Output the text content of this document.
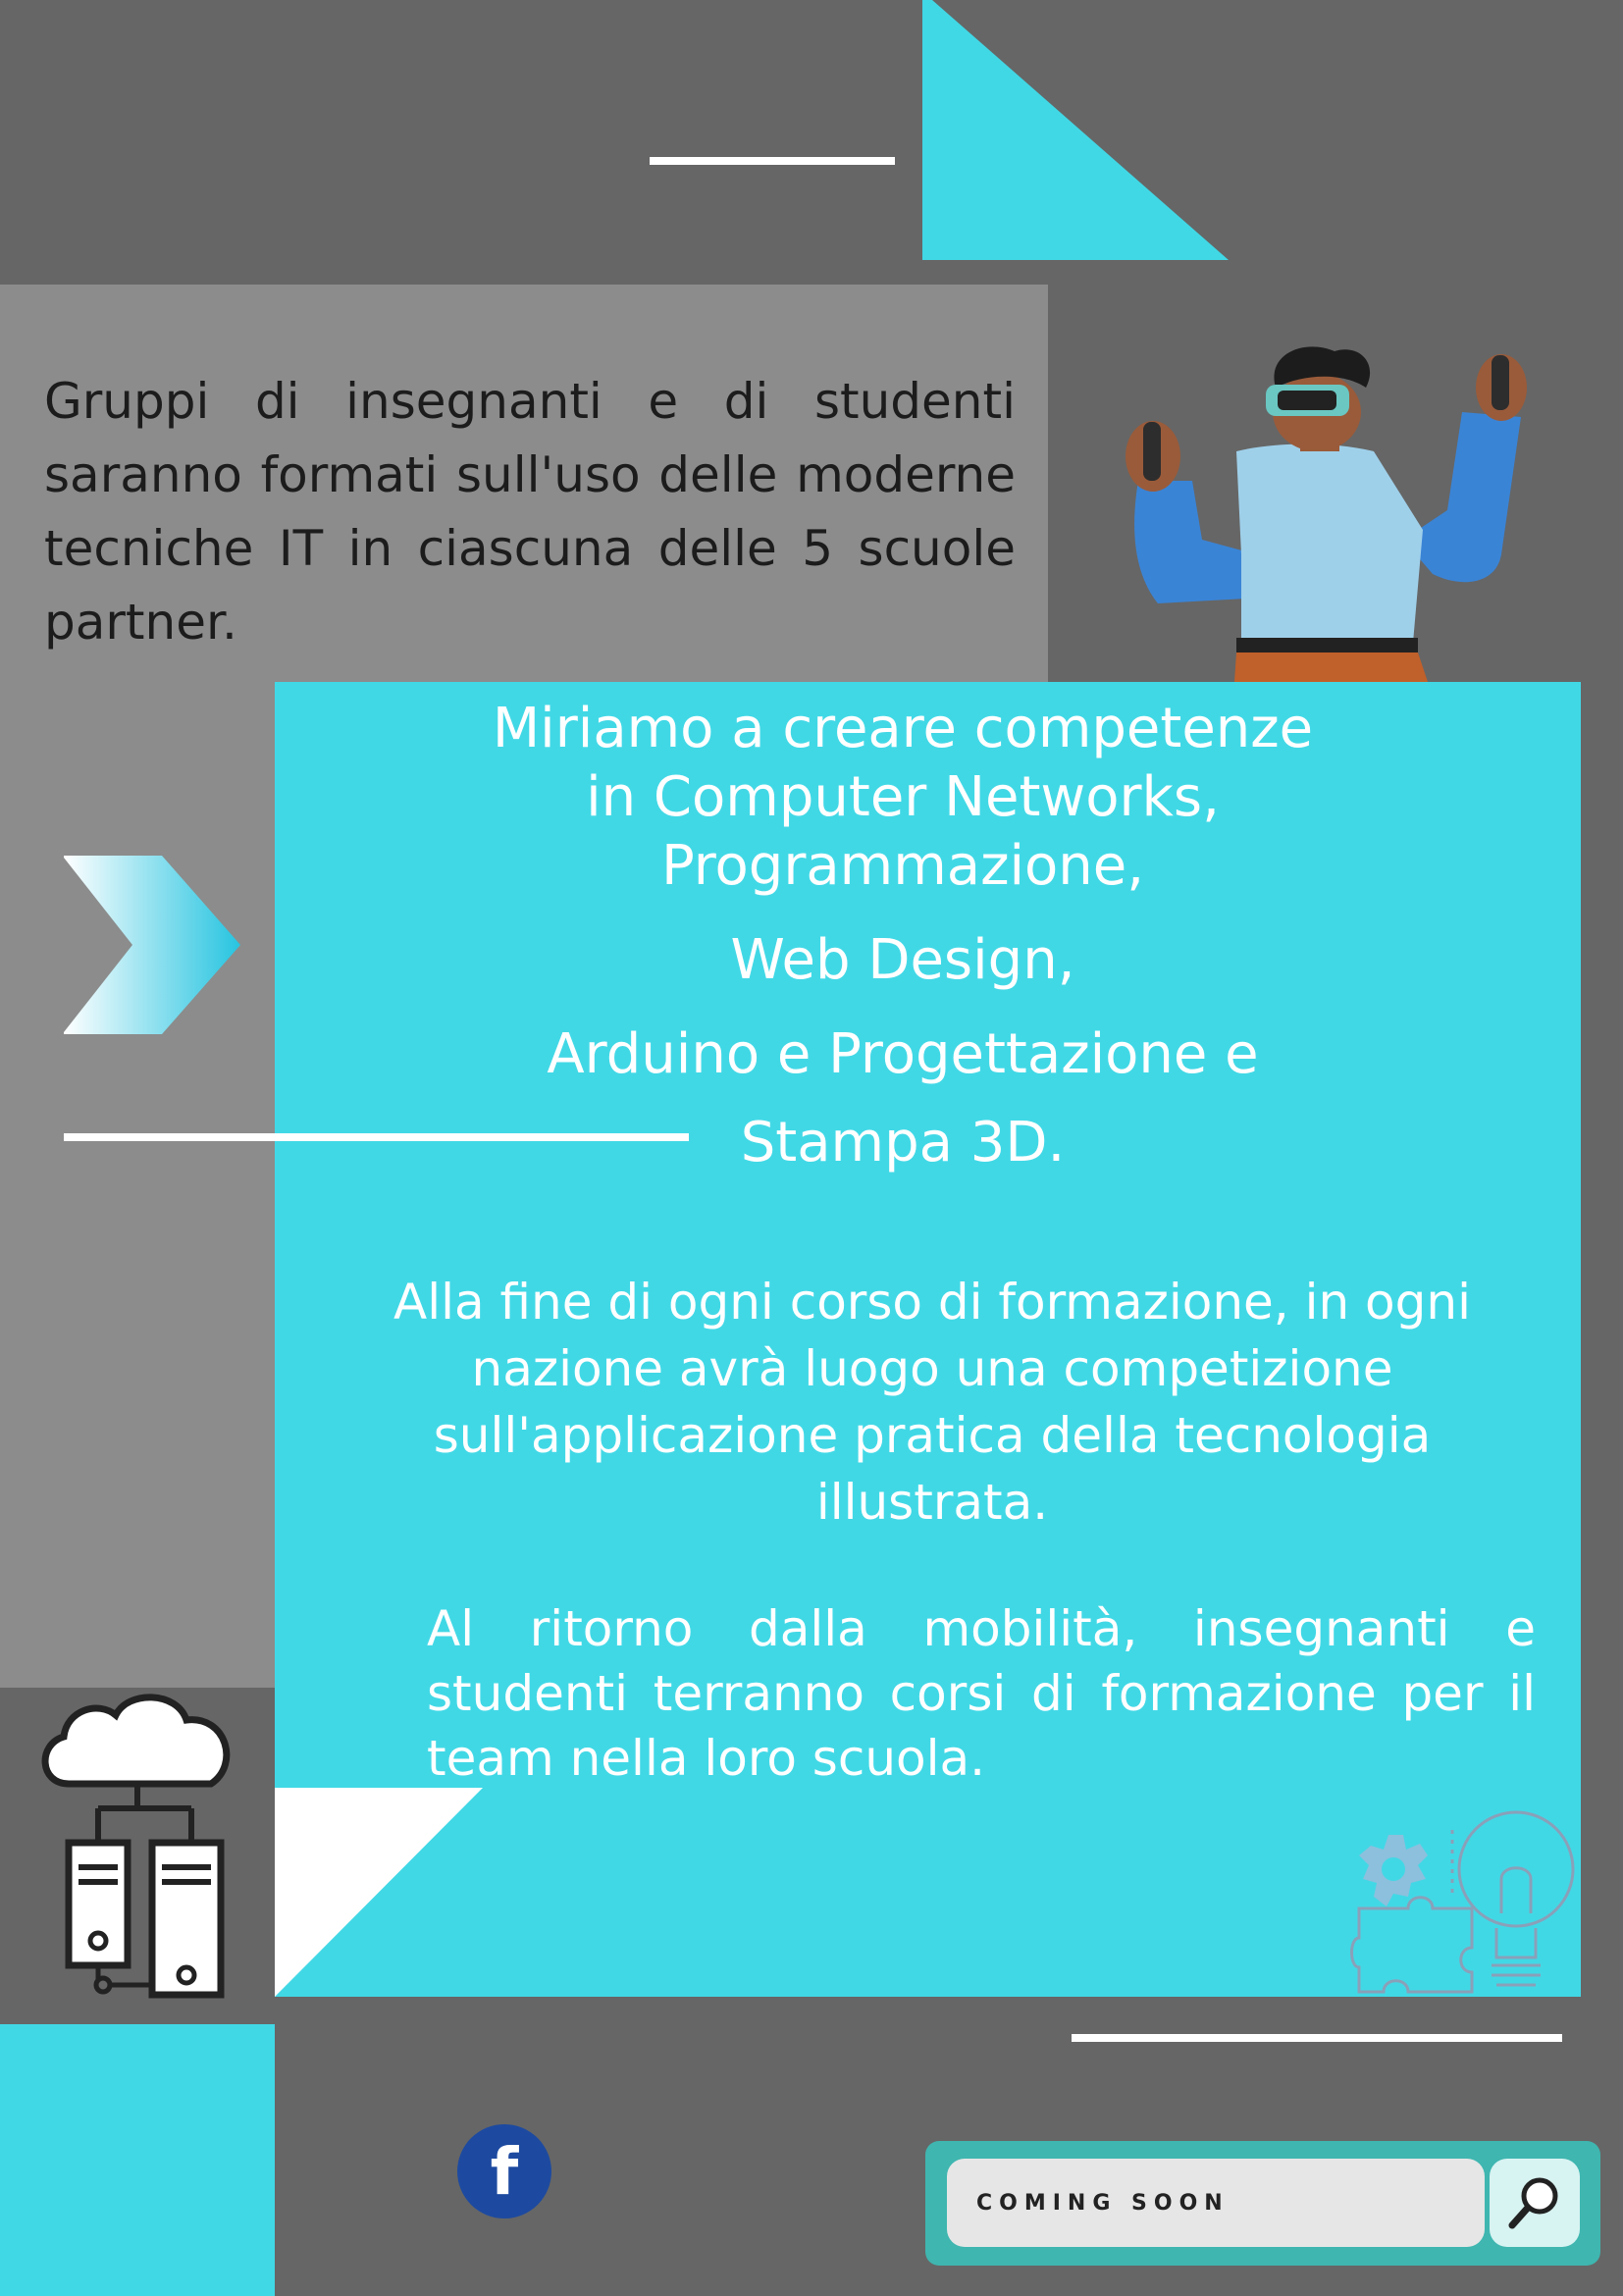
Gruppi di insegnanti e di studenti saranno formati sull'uso delle moderne tecniche IT in ciascuna delle 5 scuole partner.
Miriamo a creare competenze
in Computer Networks,
Programmazione,
Web Design,
Arduino e Progettazione e
Stampa 3D.
Alla fine di ogni corso di formazione, in ogni nazione avrà luogo una competizione sull'applicazione pratica della tecnologia illustrata.
Al ritorno dalla mobilità, insegnanti e studenti terranno corsi di formazione per il team nella loro scuola.
f
COMING SOON
